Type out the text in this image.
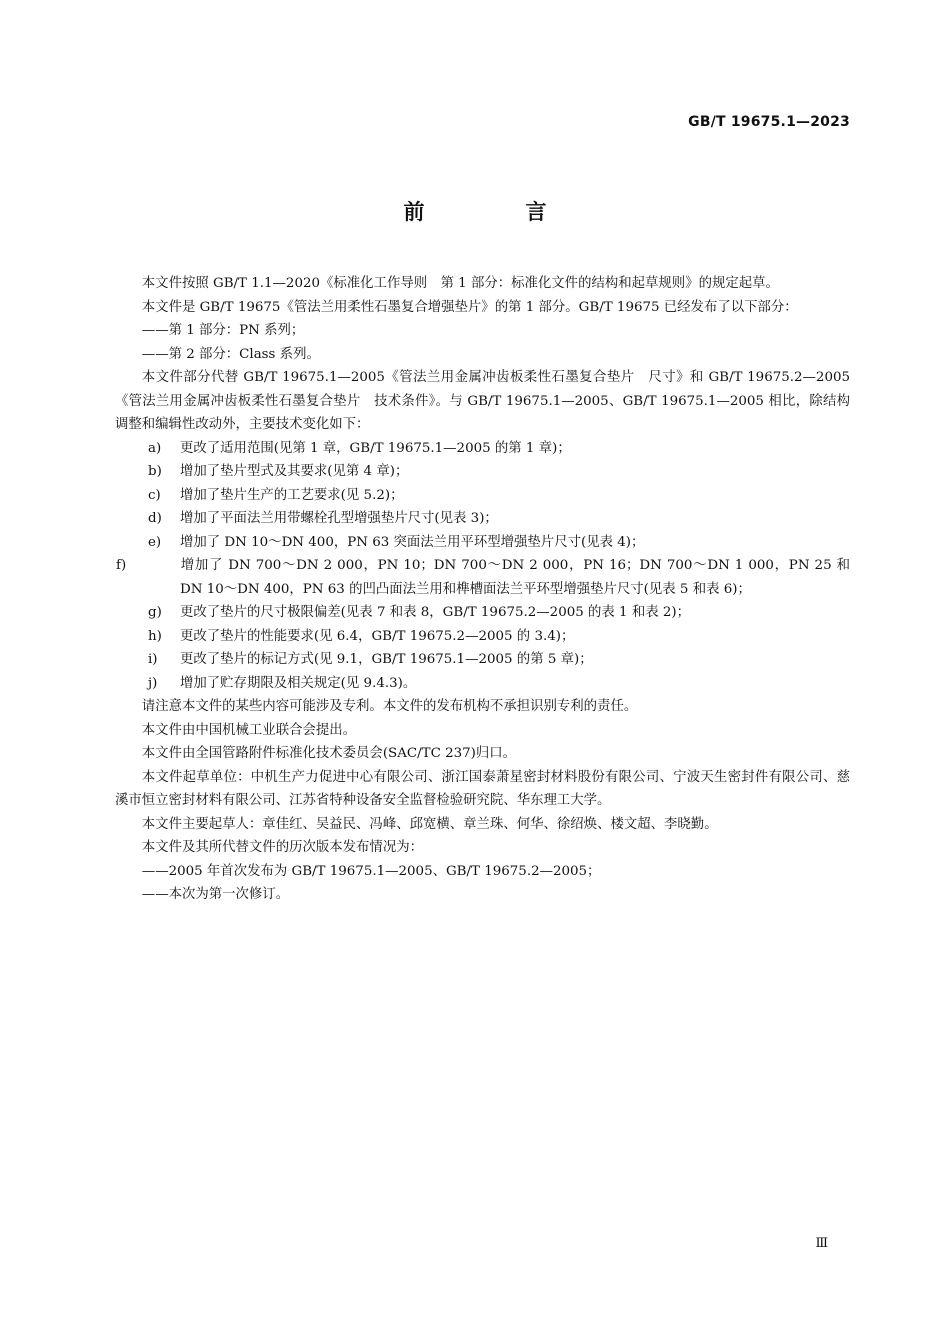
GB/T 19675.1—2023
前　言

本文件按照 GB/T 1.1—2020《标准化工作导则　第 1 部分：标准化文件的结构和起草规则》的规定起草。

本文件是 GB/T 19675《管法兰用柔性石墨复合增强垫片》的第 1 部分。GB/T 19675 已经发布了以下部分：

——第 1 部分：PN 系列；

——第 2 部分：Class 系列。

本文件部分代替 GB/T 19675.1—2005《管法兰用金属冲齿板柔性石墨复合垫片　尺寸》和 GB/T 19675.2—2005《管法兰用金属冲齿板柔性石墨复合垫片　技术条件》。与 GB/T 19675.1—2005、GB/T 19675.1—2005 相比，除结构调整和编辑性改动外，主要技术变化如下：

a) 更改了适用范围(见第 1 章，GB/T 19675.1—2005 的第 1 章)；

b) 增加了垫片型式及其要求(见第 4 章)；

c) 增加了垫片生产的工艺要求(见 5.2)；

d) 增加了平面法兰用带螺栓孔型增强垫片尺寸(见表 3)；

e) 增加了 DN 10～DN 400，PN 63 突面法兰用平环型增强垫片尺寸(见表 4)；

f)	增加了 DN 700～DN 2 000，PN 10；DN 700～DN 2 000，PN 16；DN 700～DN 1 000，PN 25 和 DN 10～DN 400，PN 63 的凹凸面法兰用和榫槽面法兰平环型增强垫片尺寸(见表 5 和表 6)；

g) 更改了垫片的尺寸极限偏差(见表 7 和表 8，GB/T 19675.2—2005 的表 1 和表 2)；

h) 更改了垫片的性能要求(见 6.4，GB/T 19675.2—2005 的 3.4)；

i) 更改了垫片的标记方式(见 9.1，GB/T 19675.1—2005 的第 5 章)；

j) 增加了贮存期限及相关规定(见 9.4.3)。

请注意本文件的某些内容可能涉及专利。本文件的发布机构不承担识别专利的责任。

本文件由中国机械工业联合会提出。

本文件由全国管路附件标准化技术委员会(SAC/TC 237)归口。

本文件起草单位：中机生产力促进中心有限公司、浙江国泰萧星密封材料股份有限公司、宁波天生密封件有限公司、慈溪市恒立密封材料有限公司、江苏省特种设备安全监督检验研究院、华东理工大学。

本文件主要起草人：章佳红、吴益民、冯峰、邱宽横、章兰珠、何华、徐绍焕、楼文超、李晓勤。

本文件及其所代替文件的历次版本发布情况为：

——2005 年首次发布为 GB/T 19675.1—2005、GB/T 19675.2—2005；

——本次为第一次修订。

Ⅲ
